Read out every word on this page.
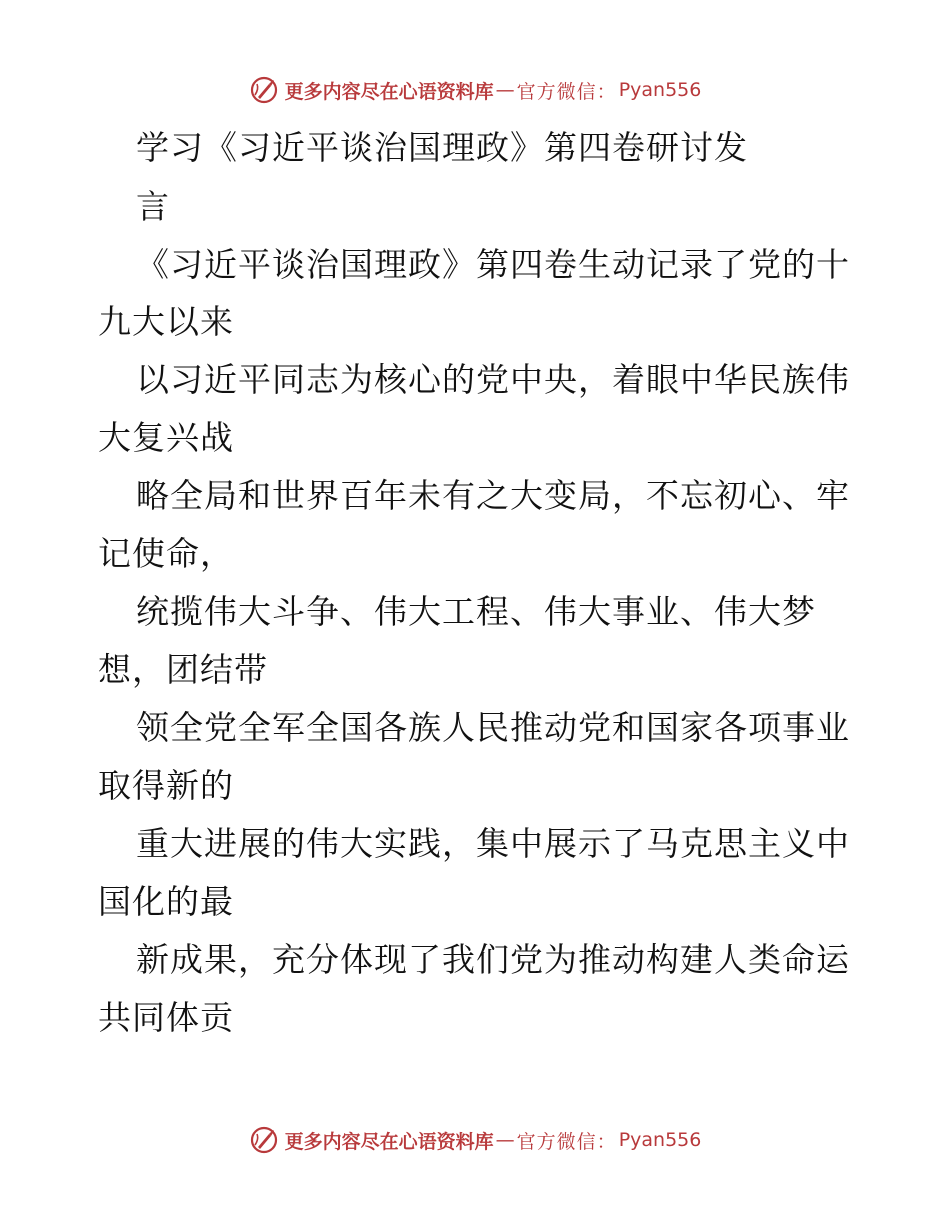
更多内容尽在心语资料库 — 官方微信： Pyan556
学习《习近平谈治国理政》第四卷研讨发
言
《习近平谈治国理政》第四卷生动记录了党的十
九大以来
以习近平同志为核心的党中央，着眼中华民族伟
大复兴战
略全局和世界百年未有之大变局，不忘初心、牢
记使命，
统揽伟大斗争、伟大工程、伟大事业、伟大梦
想，团结带
领全党全军全国各族人民推动党和国家各项事业
取得新的
重大进展的伟大实践，集中展示了马克思主义中
国化的最
新成果，充分体现了我们党为推动构建人类命运
共同体贡
更多内容尽在心语资料库 — 官方微信： Pyan556
